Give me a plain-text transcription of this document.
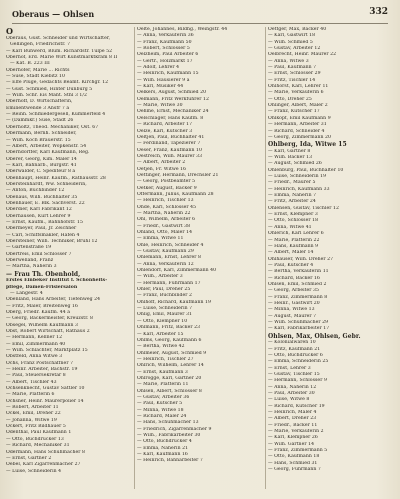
Oberaus — Ohlsen	332
O
Oberaus, Gust. Schneider und Wirtschafter,
Gellingen, Friedrichstr. 7
— Karl Buhwerd, Blum. Richardstr. Tulpe 52
Oberhof, Erd. Marie Wirt Kunstmarktkram 8 II
— Kat. B. 223 III
Oberhofer, Marie ... Richts
— Suse, Stadt Kiebitz 10
— Elfe Plüge, Gedachts Beamt. Kirchgr. 12
— Gust. Schmied, Hinter Dünburg 5
— Wilh. Schr. Eis Mant. Sthl 3 1/2
Oberhoff, D. Wirtschafterin,
Emilientwende 3 Ansfr 7 a
— Reinh. Schmiedergesell, Kummerfeld 4
— (Dammkr.) Suse, Stadt 26
Oberholtz, Theod. Mechaniker, Ost. 67
Obermann, Bernh. Schneider,
— Wilh. Koch Brauerstr. 15
— Albert, Arbeiter, Wöpkenstr. 54
Oberndörffer, Karl Kaufmann, Reg.
Oberer, Georg, Kim. Maler 14
— Karl, Bahnarb., Burgstr. 41
Oberwalder, C. Spediteur 8 a
Obenhaupt, Heinr. Kaufm., Rathausstr. 28
Obersteinhardt, Ww. Schneiderin,
— Anton, Buchbinder 12
Obenaus, Wilh. Buchhalter 35
Obenhauer, E. Blk. Sachverst. 22
Oberdier, Karl Fabrikant 12
Oberhausen, Kurt Lehrer 9
— Ernst, Kaufm., Bahnhofstr. 15
Obermeyer, Paul, Jr. Zeichner
— Carl, Schiffsmakler, Hafen 4
Obersteiner, Wilh. Techniker, Brühl 12
— Gartenstraße 19
Obertreis, Emil Schlosser 7
Oberwelland, Franz
— Martha, Näherin 3
— Frau Th. Obenhold,
Erstes Einbeker Institut f. Schönheits-
pflege, Damen-Frisiersalon
— Langestr. 4
Obenland, Hans Arbeiter, Tiefenweg 24
— Fritz, Maler, Breitenweg 16
Oberg, Friedr. Kaufm. 44 a
— Georg, Bäckermeister, Kreuzstr. 8
Obsegel, Wilhelm Kaufmann 3
Obst, Robert Wirtschaft, Rathaus 2
— Hermann, Kellner 12
— Emil, Zimmermann 40
— Wilh. Schlachter, Marktplatz 15
Obstfeld, Anna Witwe 3
Ochs, Franz Postschaffner 7
— Heinr. Arbeiter, Bachstr. 19
— Paul, Steuersekretär 8
— Albert, Tischler 43
Ochsenknecht, Gustav Sattler 10
— Marie, Plätterin 6
Ochsner, Heinr. Maurerpolier 14
— Robert, Arbeiter 11
Ockel, Emil, Dreher 22
— Johanna, Witwe 19
Ockert, Fritz Bildhauer 5
Odenthal, Paul Kaufmann 1
— Otto, Buchdrucker 13
— Richard, Mechaniker 31
Odermann, Hans Schuhmacher 8
— Ernst, Gärtner 2
Oebel, Karl Zigarrenmacher 27
— Luise, Schneiderin 4
Oelte, Johannes, Bildhg., Weingstr. 44
— Anna, Verkäuferin 36
— Franz, Kaufmann 50
— Robert, Schlosser 5
Oelzheim, Paul Arbeiter 6
— Gertr., Holzmarkt 17
— Adolf, Lehrer 4
— Heinrich, Kaufmann 15
— Wilh. Hausierer 9 a
— Karl, Musiker 44
Oelkers, August, Schmied 20
Oelmann, Fritz Werkführer 12
— Marie, Witwe 30
Oehme, Ernst, Mechaniker 24
Oelschläger, Hans Kaufm. 8
— Richard, Arbeiter 17
Oelze, Karl, Kutscher 3
Oeltjen, Paul, Buchhalter 41
— Ferdinand, Tapezierer 7
Oeser, Franz, Kaufmann 10
Oestreich, Wilh. Maurer 33
— Albert, Arbeiter 2
Oetjen, Fr. Witwe 16
Oettinger, Hermann, Drechsler 21
— Georg, Postbeamter 5
Oetker, August, Bäcker 9
Offermann, Julius, Kaufmann 28
— Heinrich, Tischler 13
Ohde, Karl, Schlosser 45
— Martha, Näherin 22
Ohl, Wilhelm, Arbeiter 6
— Friedr., Gastwirt 38
Ohland, Otto, Maler 14
— Emma, Witwe 11
Ohle, Heinrich, Schneider 4
— Gustav, Kaufmann 29
Ohlemann, Ernst, Lehrer 8
— Anna, Verkäuferin 12
Ohlendorf, Karl, Zimmermann 40
— Wilh., Arbeiter 3
— Hermann, Fuhrmann 17
Ohler, Paul, Dreher 25
— Franz, Buchbinder 2
Ohlhoff, Richard, Kaufmann 19
— Luise, Schneiderin 7
Ohlig, Emil, Maurer 31
— Otto, Klempner 10
Ohlmann, Fritz, Bäcker 23
— Karl, Arbeiter 15
Ohlms, Georg, Kaufmann 6
— Bertha, Witwe 42
Ohlmeier, August, Schmied 9
— Heinrich, Tischler 27
Ohlrich, Wilhelm, Lehrer 14
— Ernst, Kaufmann 3
Ohlrogge, Karl, Gärtner 20
— Marie, Plätterin 11
Ohlsen, Albert, Schlosser 8
— Gustav, Arbeiter 36
— Paul, Kutscher 5
— Minna, Witwe 18
— Richard, Maler 24
— Hans, Schuhmacher 13
— Friedrich, Zigarrenmacher 9
— Wilh., Fabrikarbeiter 30
— Otto, Buchdrucker 4
— Emma, Näherin 21
— Karl, Kaufmann 16
— Heinrich, Bahnarbeiter 7
Oettger, Max, Bäcker 40
— Karl, Gastwirt 18
— Wilh. Schmied 5
— Gustav, Arbeiter 12
Oelbrecht, Heinr. Maurer 22
— Anna, Witwe 3
— Paul, Kaufmann 7
— Ernst, Schlosser 29
— Fritz, Tischler 14
Ohlhorst, Karl, Lehrer 11
— Marie, Verkäuferin 6
— Otto, Dreher 25
Ohlinger, Albert, Maler 2
— Franz, Kutscher 17
Ohlkopf, Emil Kaufmann 9
— Hermann, Arbeiter 31
— Richard, Schneider 4
— Georg, Zimmermann 20
Ohlberg, Ida, Witwe 15
— Karl, Gärtner 8
— Wilh. Bäcker 13
— August, Schmied 26
Ohlenburg, Paul, Buchhalter 10
— Luise, Schneiderin 19
— Friedr., Maurer 5
— Heinrich, Kaufmann 33
— Emma, Näherin 7
— Fritz, Arbeiter 24
Ohlensen, Gustav, Tischler 12
— Ernst, Klempner 3
— Otto, Schlosser 18
— Anna, Witwe 41
Ohlerich, Karl Lehrer 6
— Marie, Plätterin 22
— Hans, Kaufmann 9
— Albert, Maler 14
Ohlhauser, Wilh. Dreher 27
— Paul, Kutscher 4
— Bertha, Verkäuferin 11
— Richard, Bäcker 16
Ohlsen, Emil, Schmied 2
— Georg, Arbeiter 35
— Franz, Zimmermann 8
— Heinr., Gastwirt 20
— Minna, Witwe 13
— August, Maurer 7
— Wilh. Schuhmacher 29
— Karl, Fabrikarbeiter 17
Ohlsen, Max, Ohlsen, Gebr.
— Kolonialwaren 10
— Fritz, Kaufmann 21
— Otto, Buchdrucker 6
— Emma, Schneiderin 25
— Ernst, Lehrer 3
— Gustav, Tischler 15
— Hermann, Schlosser 9
— Anna, Näherin 12
— Paul, Arbeiter 30
— Luise, Witwe 8
— Richard, Kutscher 19
— Heinrich, Maler 4
— Albert, Dreher 23
— Friedr., Bäcker 11
— Marie, Verkäuferin 2
— Karl, Klempner 26
— Wilh. Gärtner 14
— Franz, Zimmermann 5
— Otto, Kaufmann 18
— Hans, Schmied 31
— Georg, Fuhrmann 7
